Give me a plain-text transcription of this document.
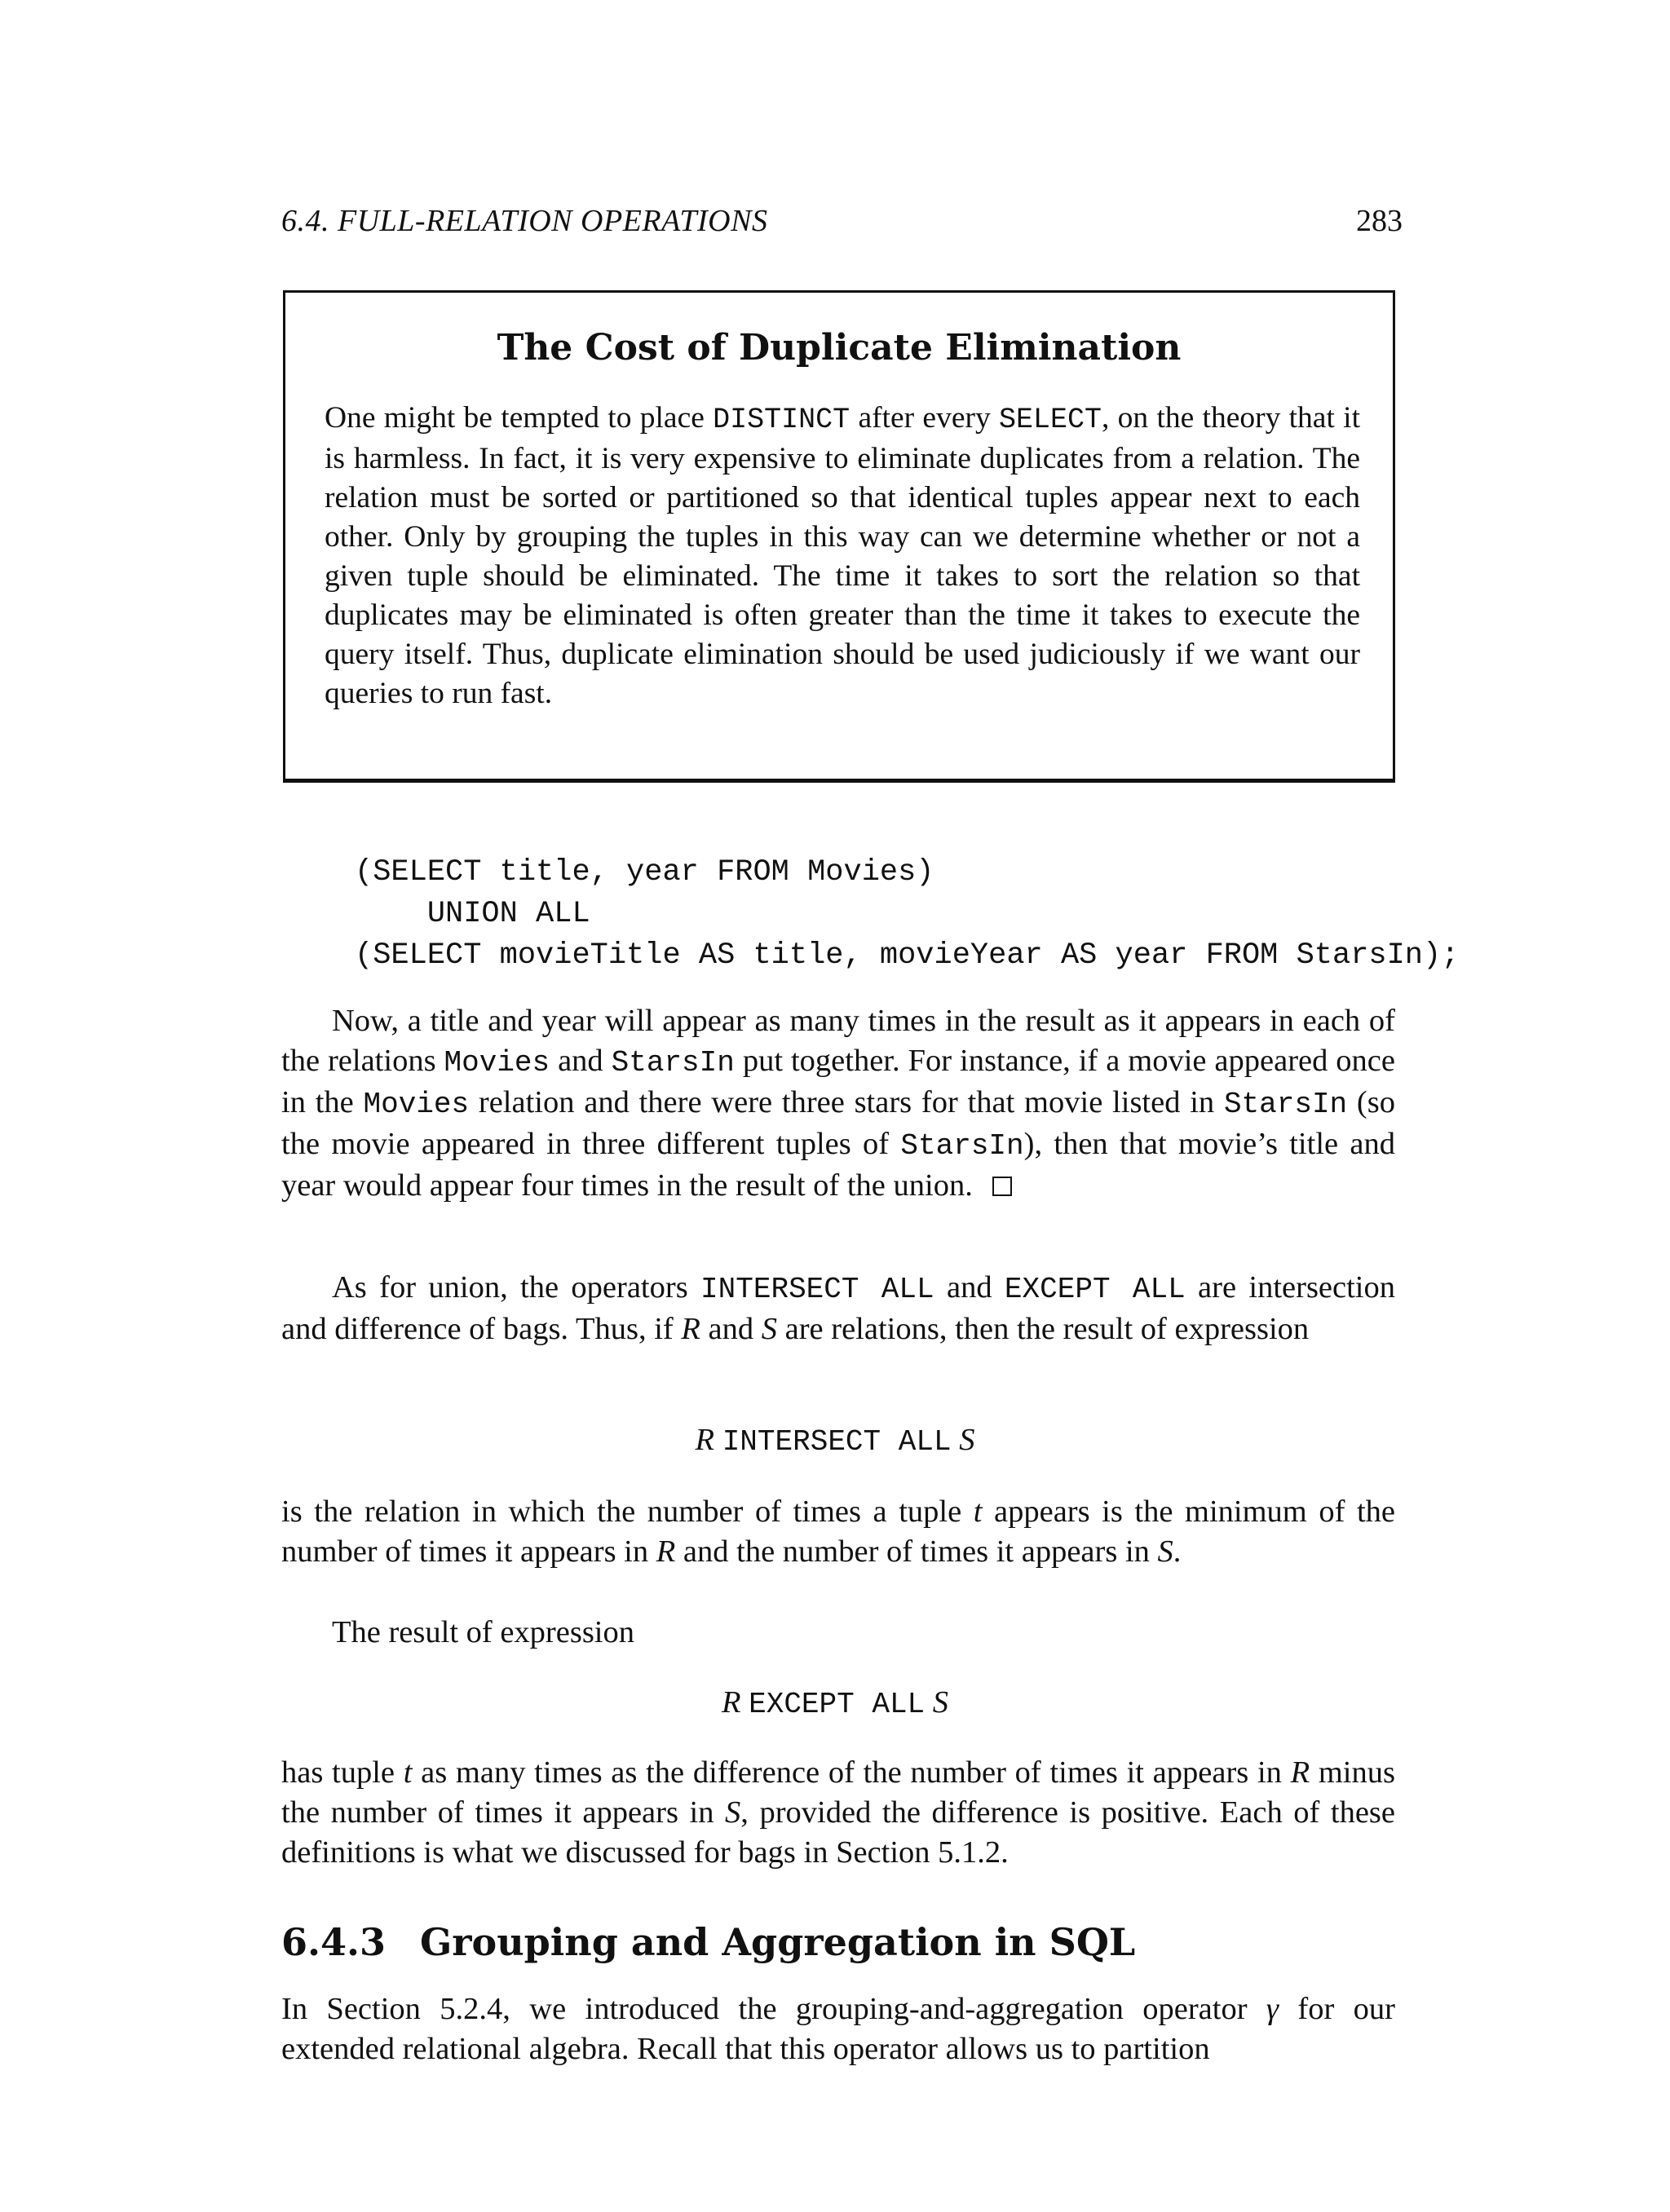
6.4. FULL-RELATION OPERATIONS	283
The Cost of Duplicate Elimination
One might be tempted to place DISTINCT after every SELECT, on the theory that it is harmless. In fact, it is very expensive to eliminate duplicates from a relation. The relation must be sorted or partitioned so that identical tuples appear next to each other. Only by grouping the tuples in this way can we determine whether or not a given tuple should be eliminated. The time it takes to sort the relation so that duplicates may be eliminated is often greater than the time it takes to execute the query itself. Thus, duplicate elimination should be used judiciously if we want our queries to run fast.
(SELECT title, year FROM Movies)
UNION ALL
(SELECT movieTitle AS title, movieYear AS year FROM StarsIn);
Now, a title and year will appear as many times in the result as it appears in each of the relations Movies and StarsIn put together. For instance, if a movie appeared once in the Movies relation and there were three stars for that movie listed in StarsIn (so the movie appeared in three different tuples of StarsIn), then that movie’s title and year would appear four times in the result of the union.
As for union, the operators INTERSECT ALL and EXCEPT ALL are intersection and difference of bags. Thus, if R and S are relations, then the result of expression
R INTERSECT ALL S
is the relation in which the number of times a tuple t appears is the minimum of the number of times it appears in R and the number of times it appears in S.
The result of expression
R EXCEPT ALL S
has tuple t as many times as the difference of the number of times it appears in R minus the number of times it appears in S, provided the difference is positive. Each of these definitions is what we discussed for bags in Section 5.1.2.
6.4.3 Grouping and Aggregation in SQL
In Section 5.2.4, we introduced the grouping-and-aggregation operator γ for our extended relational algebra. Recall that this operator allows us to partition
